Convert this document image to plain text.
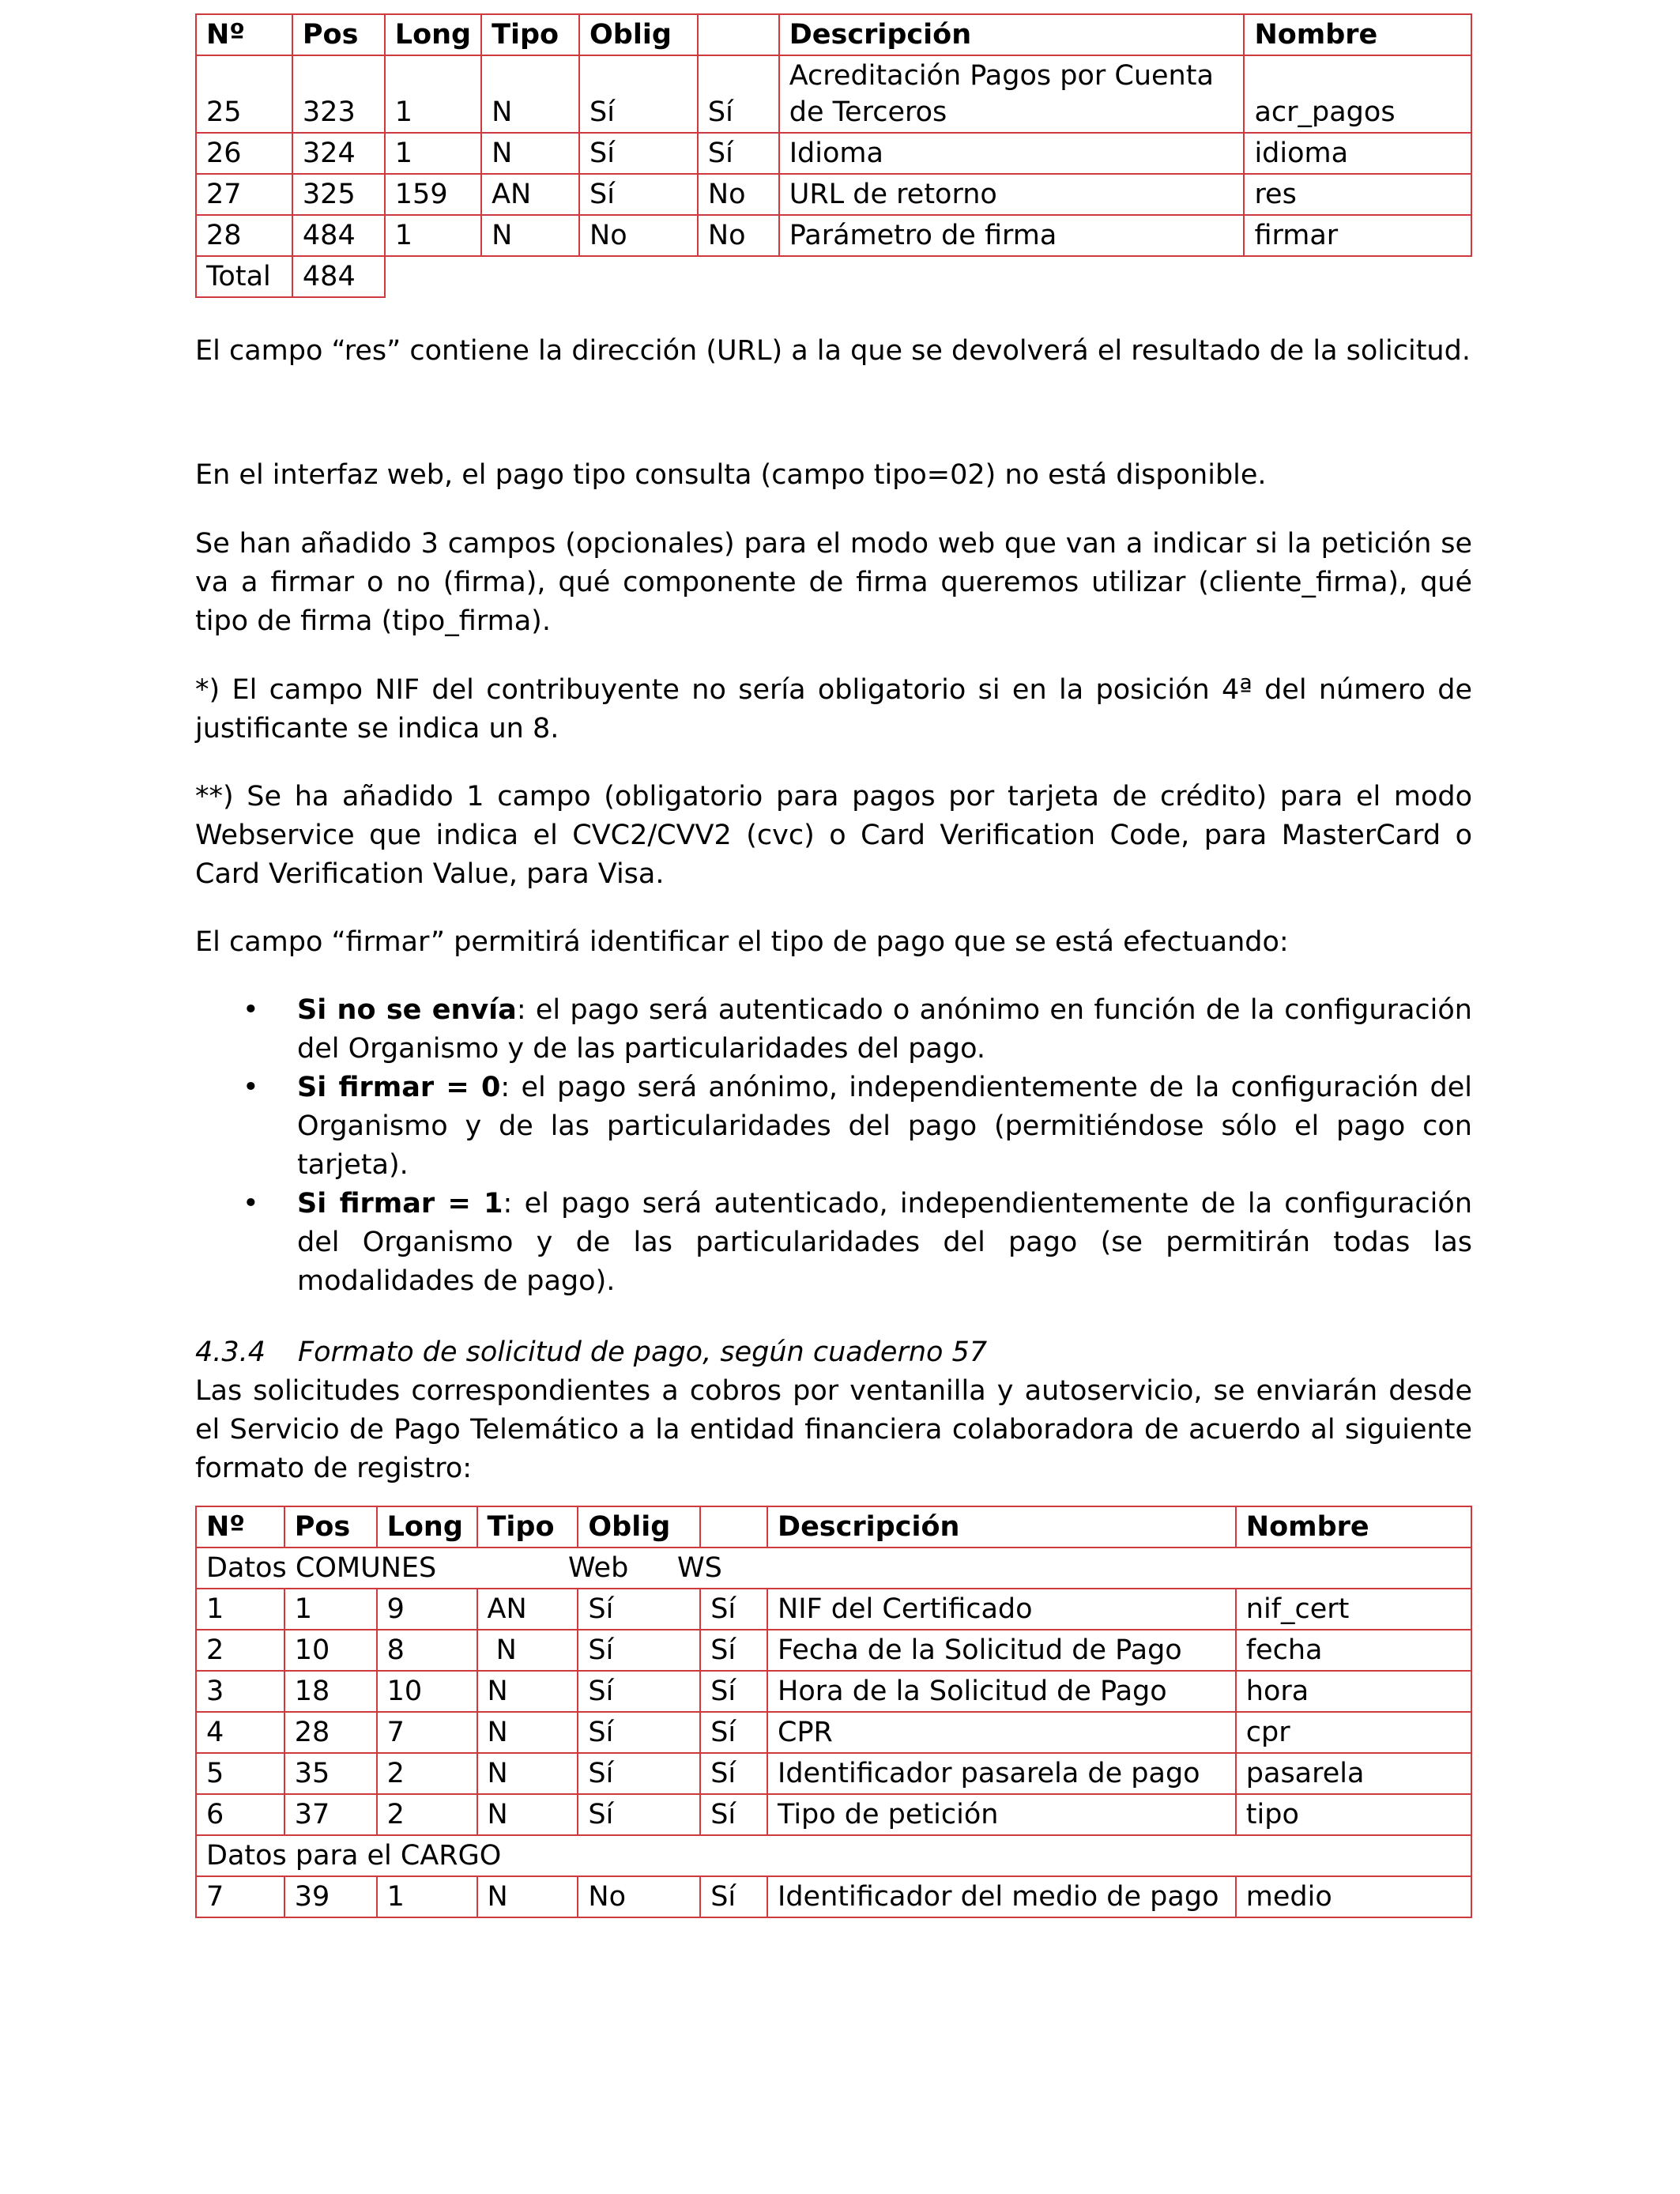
Nº	Pos	Long	Tipo	Oblig		Descripción	Nombre
25	323	1	N	Sí	Sí	Acreditación Pagos por Cuenta de Terceros	acr_pagos
26	324	1	N	Sí	Sí	Idioma	idioma
27	325	159	AN	Sí	No	URL de retorno	res
28	484	1	N	No	No	Parámetro de firma	firmar
Total	484						

El campo “res” contiene la dirección (URL) a la que se devolverá el resultado de la solicitud.

En el interfaz web, el pago tipo consulta (campo tipo=02) no está disponible.

Se han añadido 3 campos (opcionales) para el modo web que van a indicar si la petición se va a firmar o no (firma), qué componente de firma queremos utilizar (cliente_firma), qué tipo de firma (tipo_firma).

*) El campo NIF del contribuyente no sería obligatorio si en la posición 4ª del número de justificante se indica un 8.

**) Se ha añadido 1 campo (obligatorio para pagos por tarjeta de crédito) para el modo Webservice que indica el CVC2/CVV2 (cvc) o Card Verification Code, para MasterCard o Card Verification Value, para Visa.

El campo “firmar” permitirá identificar el tipo de pago que se está efectuando:

• Si no se envía: el pago será autenticado o anónimo en función de la configuración del Organismo y de las particularidades del pago.
• Si firmar = 0: el pago será anónimo, independientemente de la configuración del Organismo y de las particularidades del pago (permitiéndose sólo el pago con tarjeta).
• Si firmar = 1: el pago será autenticado, independientemente de la configuración del Organismo y de las particularidades del pago (se permitirán todas las modalidades de pago).
4.3.4 Formato de solicitud de pago, según cuaderno 57

Las solicitudes correspondientes a cobros por ventanilla y autoservicio, se enviarán desde el Servicio de Pago Telemático a la entidad financiera colaboradora de acuerdo al siguiente formato de registro:

Nº	Pos	Long	Tipo	Oblig		Descripción	Nombre
Datos COMUNES Web WS							
1	1	9	AN	Sí	Sí	NIF del Certificado	nif_cert
2	10	8	N	Sí	Sí	Fecha de la Solicitud de Pago	fecha
3	18	10	N	Sí	Sí	Hora de la Solicitud de Pago	hora
4	28	7	N	Sí	Sí	CPR	cpr
5	35	2	N	Sí	Sí	Identificador pasarela de pago	pasarela
6	37	2	N	Sí	Sí	Tipo de petición	tipo
Datos para el CARGO							
7	39	1	N	No	Sí	Identificador del medio de pago	medio
